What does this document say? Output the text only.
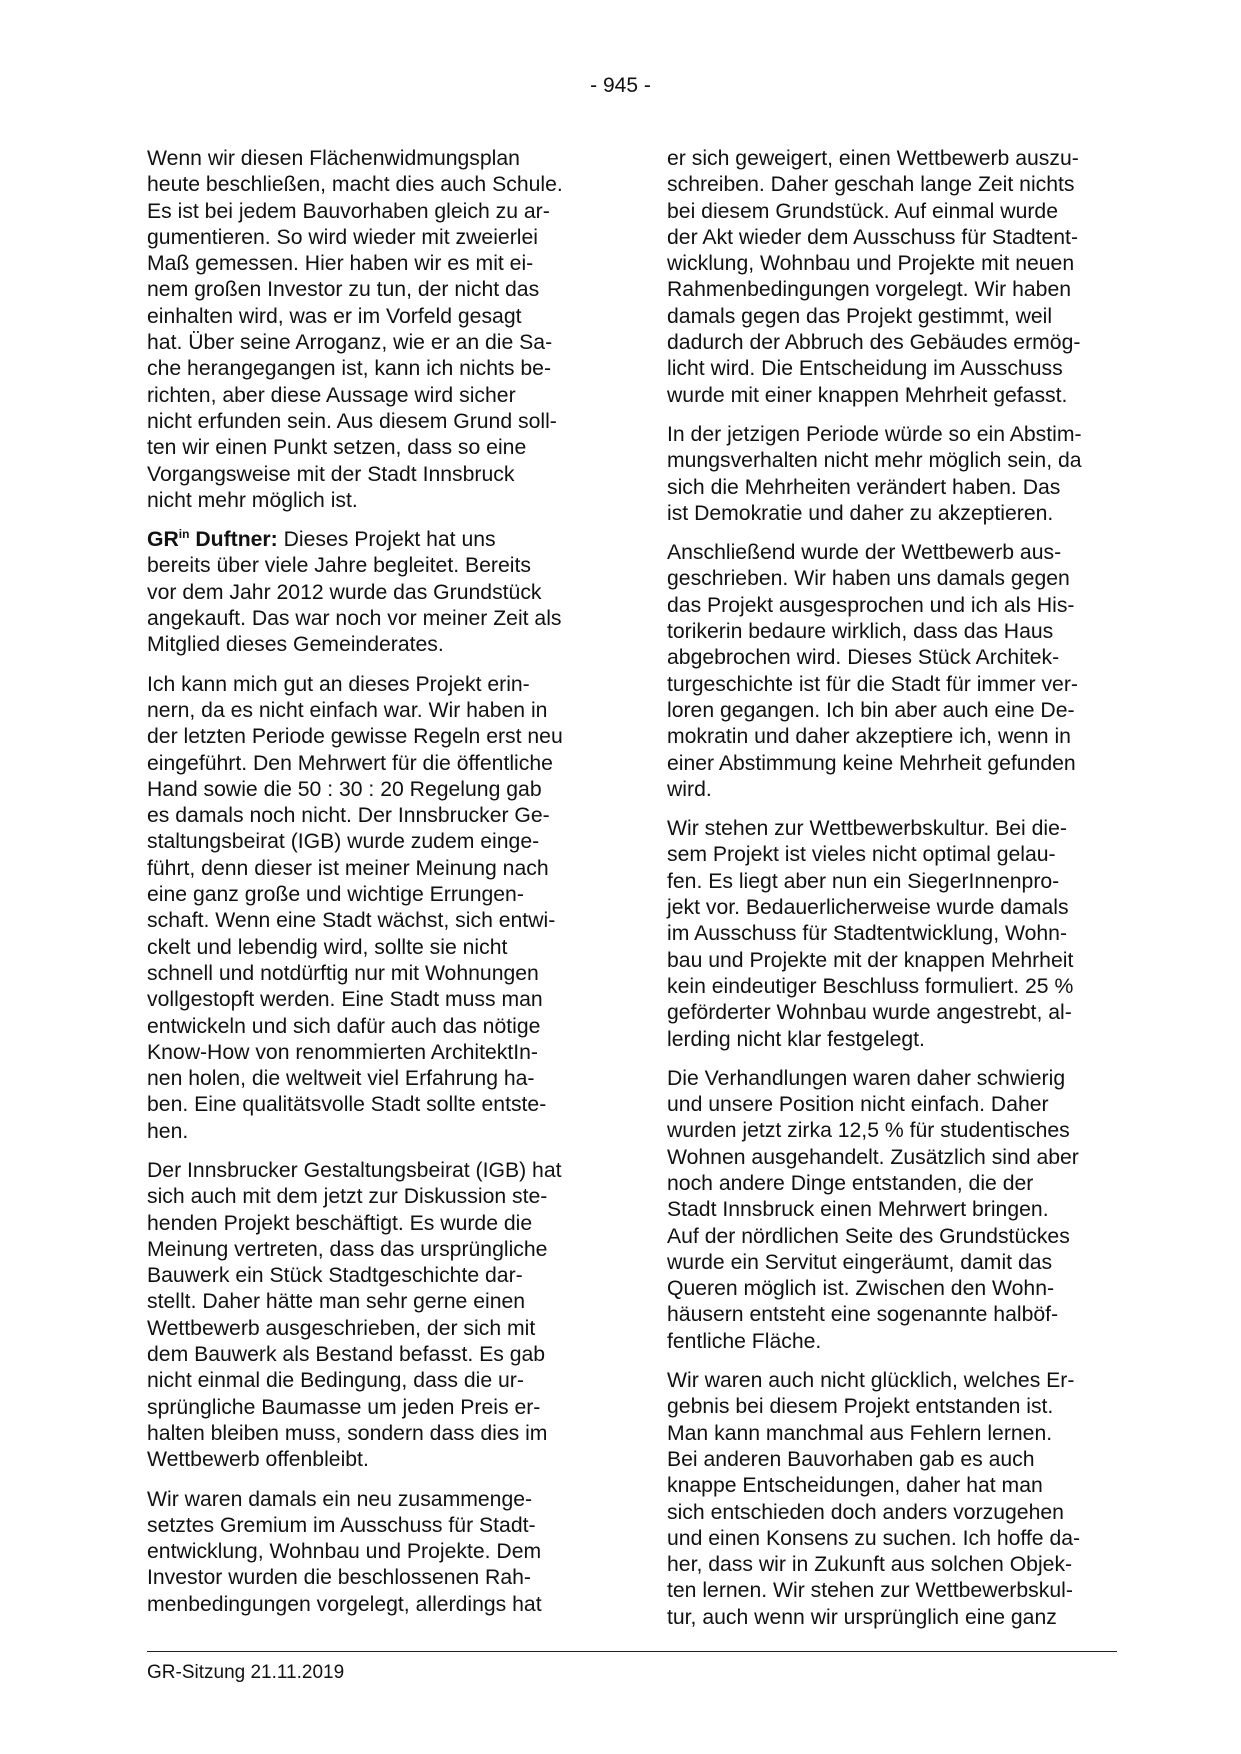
- 945 -
Wenn wir diesen Flächenwidmungsplan
heute beschließen, macht dies auch Schule.
Es ist bei jedem Bauvorhaben gleich zu ar-
gumentieren. So wird wieder mit zweierlei
Maß gemessen. Hier haben wir es mit ei-
nem großen Investor zu tun, der nicht das
einhalten wird, was er im Vorfeld gesagt
hat. Über seine Arroganz, wie er an die Sa-
che herangegangen ist, kann ich nichts be-
richten, aber diese Aussage wird sicher
nicht erfunden sein. Aus diesem Grund soll-
ten wir einen Punkt setzen, dass so eine
Vorgangsweise mit der Stadt Innsbruck
nicht mehr möglich ist.
$GR^{in}$ Duftner: Dieses Projekt hat uns
bereits über viele Jahre begleitet. Bereits
vor dem Jahr 2012 wurde das Grundstück
angekauft. Das war noch vor meiner Zeit als
Mitglied dieses Gemeinderates.
Ich kann mich gut an dieses Projekt erin-
nern, da es nicht einfach war. Wir haben in
der letzten Periode gewisse Regeln erst neu
eingeführt. Den Mehrwert für die öffentliche
Hand sowie die 50 : 30 : 20 Regelung gab
es damals noch nicht. Der Innsbrucker Ge-
staltungsbeirat (IGB) wurde zudem einge-
führt, denn dieser ist meiner Meinung nach
eine ganz große und wichtige Errungen-
schaft. Wenn eine Stadt wächst, sich entwi-
ckelt und lebendig wird, sollte sie nicht
schnell und notdürftig nur mit Wohnungen
vollgestopft werden. Eine Stadt muss man
entwickeln und sich dafür auch das nötige
Know-How von renommierten ArchitektIn-
nen holen, die weltweit viel Erfahrung ha-
ben. Eine qualitätsvolle Stadt sollte entste-
hen.
Der Innsbrucker Gestaltungsbeirat (IGB) hat
sich auch mit dem jetzt zur Diskussion ste-
henden Projekt beschäftigt. Es wurde die
Meinung vertreten, dass das ursprüngliche
Bauwerk ein Stück Stadtgeschichte dar-
stellt. Daher hätte man sehr gerne einen
Wettbewerb ausgeschrieben, der sich mit
dem Bauwerk als Bestand befasst. Es gab
nicht einmal die Bedingung, dass die ur-
sprüngliche Baumasse um jeden Preis er-
halten bleiben muss, sondern dass dies im
Wettbewerb offenbleibt.
Wir waren damals ein neu zusammenge-
setztes Gremium im Ausschuss für Stadt-
entwicklung, Wohnbau und Projekte. Dem
Investor wurden die beschlossenen Rah-
menbedingungen vorgelegt, allerdings hat
er sich geweigert, einen Wettbewerb auszu-
schreiben. Daher geschah lange Zeit nichts
bei diesem Grundstück. Auf einmal wurde
der Akt wieder dem Ausschuss für Stadtent-
wicklung, Wohnbau und Projekte mit neuen
Rahmenbedingungen vorgelegt. Wir haben
damals gegen das Projekt gestimmt, weil
dadurch der Abbruch des Gebäudes ermög-
licht wird. Die Entscheidung im Ausschuss
wurde mit einer knappen Mehrheit gefasst.
In der jetzigen Periode würde so ein Abstim-
mungsverhalten nicht mehr möglich sein, da
sich die Mehrheiten verändert haben. Das
ist Demokratie und daher zu akzeptieren.
Anschließend wurde der Wettbewerb aus-
geschrieben. Wir haben uns damals gegen
das Projekt ausgesprochen und ich als His-
torikerin bedaure wirklich, dass das Haus
abgebrochen wird. Dieses Stück Architek-
turgeschichte ist für die Stadt für immer ver-
loren gegangen. Ich bin aber auch eine De-
mokratin und daher akzeptiere ich, wenn in
einer Abstimmung keine Mehrheit gefunden
wird.
Wir stehen zur Wettbewerbskultur. Bei die-
sem Projekt ist vieles nicht optimal gelau-
fen. Es liegt aber nun ein SiegerInnenpro-
jekt vor. Bedauerlicherweise wurde damals
im Ausschuss für Stadtentwicklung, Wohn-
bau und Projekte mit der knappen Mehrheit
kein eindeutiger Beschluss formuliert. 25 %
geförderter Wohnbau wurde angestrebt, al-
lerding nicht klar festgelegt.
Die Verhandlungen waren daher schwierig
und unsere Position nicht einfach. Daher
wurden jetzt zirka 12,5 % für studentisches
Wohnen ausgehandelt. Zusätzlich sind aber
noch andere Dinge entstanden, die der
Stadt Innsbruck einen Mehrwert bringen.
Auf der nördlichen Seite des Grundstückes
wurde ein Servitut eingeräumt, damit das
Queren möglich ist. Zwischen den Wohn-
häusern entsteht eine sogenannte halböf-
fentliche Fläche.
Wir waren auch nicht glücklich, welches Er-
gebnis bei diesem Projekt entstanden ist.
Man kann manchmal aus Fehlern lernen.
Bei anderen Bauvorhaben gab es auch
knappe Entscheidungen, daher hat man
sich entschieden doch anders vorzugehen
und einen Konsens zu suchen. Ich hoffe da-
her, dass wir in Zukunft aus solchen Objek-
ten lernen. Wir stehen zur Wettbewerbskul-
tur, auch wenn wir ursprünglich eine ganz
GR-Sitzung 21.11.2019
